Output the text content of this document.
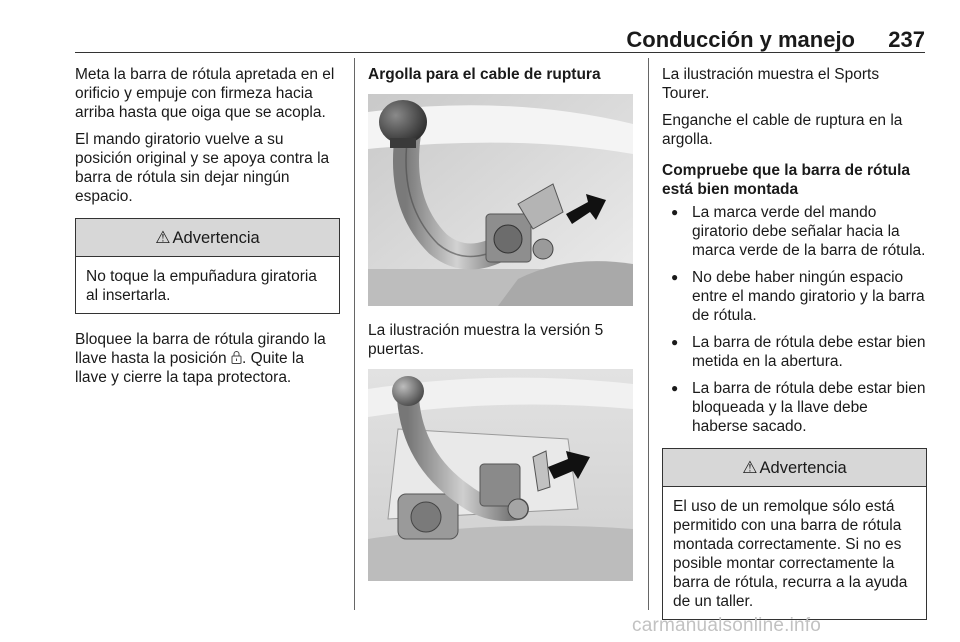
Conducción y manejo	237

Meta la barra de rótula apretada en el orificio y empuje con firmeza hacia arriba hasta que oiga que se acopla.

El mando giratorio vuelve a su posición original y se apoya contra la barra de rótula sin dejar ningún espacio.

⚠ Advertencia
No toque la empuñadura giratoria al insertarla.

Bloquee la barra de rótula girando la llave hasta la posición . Quite la llave y cierre la tapa protectora.

Argolla para el cable de ruptura

La ilustración muestra la versión 5 puertas.

La ilustración muestra el Sports Tourer.

Enganche el cable de ruptura en la argolla.

Compruebe que la barra de rótula está bien montada

● La marca verde del mando giratorio debe señalar hacia la marca verde de la barra de rótula.
● No debe haber ningún espacio entre el mando giratorio y la barra de rótula.
● La barra de rótula debe estar bien metida en la abertura.
● La barra de rótula debe estar bien bloqueada y la llave debe haberse sacado.
⚠ Advertencia
El uso de un remolque sólo está permitido con una barra de rótula montada correctamente. Si no es posible montar correctamente la barra de rótula, recurra a la ayuda de un taller.
carmanualsonline.info
